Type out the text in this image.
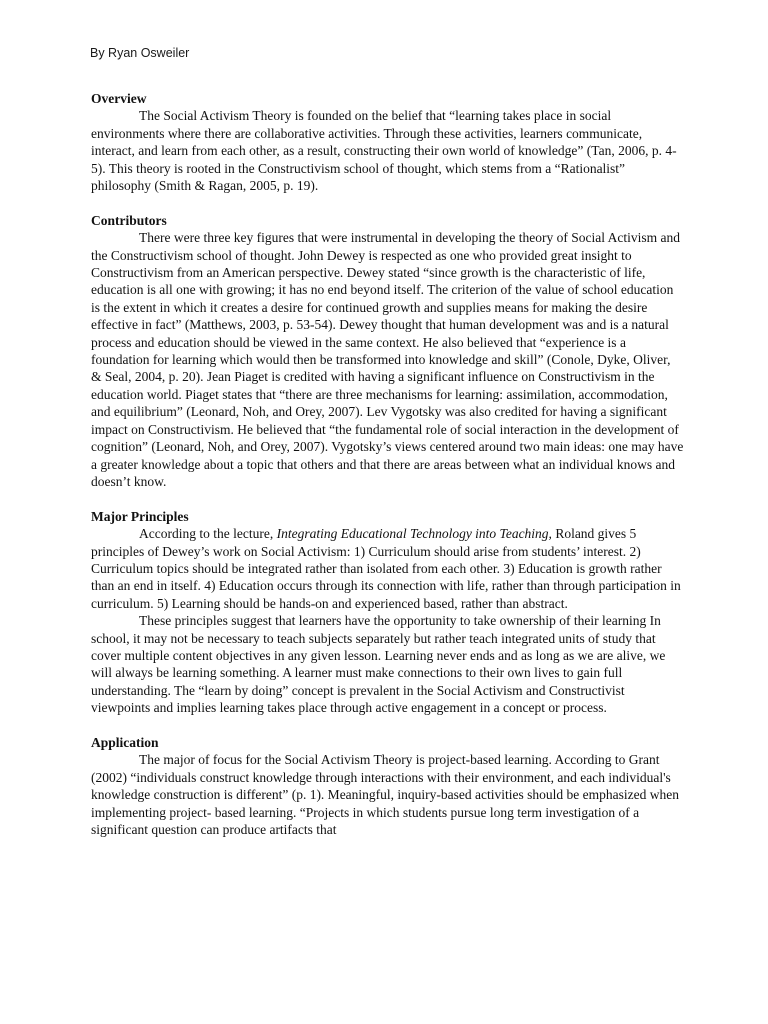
By Ryan Osweiler

Overview

The Social Activism Theory is founded on the belief that “learning takes place in social environments where there are collaborative activities. Through these activities, learners communicate, interact, and learn from each other, as a result, constructing their own world of knowledge” (Tan, 2006, p. 4-5). This theory is rooted in the Constructivism school of thought, which stems from a “Rationalist” philosophy (Smith & Ragan, 2005, p. 19).

Contributors

There were three key figures that were instrumental in developing the theory of Social Activism and the Constructivism school of thought. John Dewey is respected as one who provided great insight to Constructivism from an American perspective. Dewey stated “since growth is the characteristic of life, education is all one with growing; it has no end beyond itself. The criterion of the value of school education is the extent in which it creates a desire for continued growth and supplies means for making the desire effective in fact” (Matthews, 2003, p. 53-54). Dewey thought that human development was and is a natural process and education should be viewed in the same context. He also believed that “experience is a foundation for learning which would then be transformed into knowledge and skill” (Conole, Dyke, Oliver, & Seal, 2004, p. 20). Jean Piaget is credited with having a significant influence on Constructivism in the education world. Piaget states that “there are three mechanisms for learning: assimilation, accommodation, and equilibrium” (Leonard, Noh, and Orey, 2007). Lev Vygotsky was also credited for having a significant impact on Constructivism. He believed that “the fundamental role of social interaction in the development of cognition” (Leonard, Noh, and Orey, 2007). Vygotsky’s views centered around two main ideas: one may have a greater knowledge about a topic that others and that there are areas between what an individual knows and doesn’t know.

Major Principles

According to the lecture, Integrating Educational Technology into Teaching, Roland gives 5 principles of Dewey’s work on Social Activism: 1) Curriculum should arise from students’ interest. 2) Curriculum topics should be integrated rather than isolated from each other. 3) Education is growth rather than an end in itself. 4) Education occurs through its connection with life, rather than through participation in curriculum. 5) Learning should be hands-on and experienced based, rather than abstract.

These principles suggest that learners have the opportunity to take ownership of their learning In school, it may not be necessary to teach subjects separately but rather teach integrated units of study that cover multiple content objectives in any given lesson. Learning never ends and as long as we are alive, we will always be learning something. A learner must make connections to their own lives to gain full understanding. The “learn by doing” concept is prevalent in the Social Activism and Constructivist viewpoints and implies learning takes place through active engagement in a concept or process.

Application

The major of focus for the Social Activism Theory is project-based learning. According to Grant (2002) “individuals construct knowledge through interactions with their environment, and each individual's knowledge construction is different” (p. 1). Meaningful, inquiry-based activities should be emphasized when implementing project- based learning. “Projects in which students pursue long term investigation of a significant question can produce artifacts that
